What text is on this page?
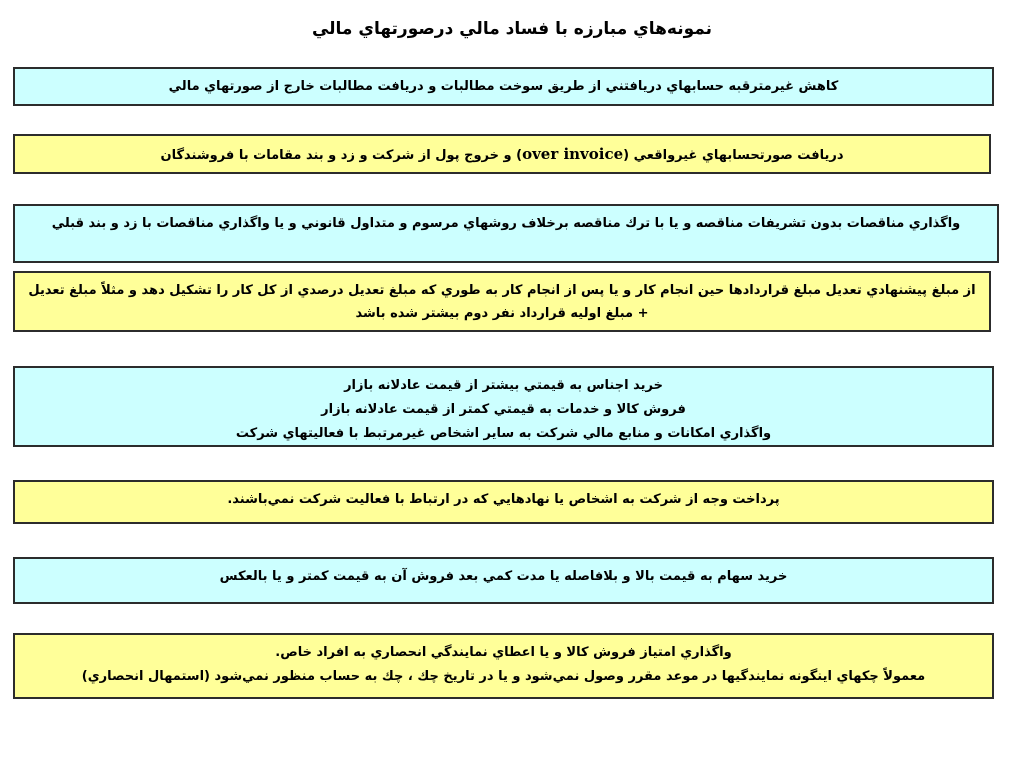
نمونه‌هاي مبارزه با فساد مالي درصورتهاي مالي
كاهش غيرمترقبه حسابهاي دريافتني از طريق سوخت مطالبات و دريافت مطالبات خارج از صورتهاي مالي
دريافت صورتحسابهاي غيرواقعي (over invoice) و خروج پول از شركت و زد و بند مقامات با فروشندگان
واگذاري مناقصات بدون تشريفات مناقصه و يا با ترك مناقصه برخلاف روشهاي مرسوم و متداول قانوني و يا واگذاري مناقصات با زد و بند قبلي
از مبلغ پيشنهادي تعديل مبلغ قراردادها حين انجام كار و يا پس از انجام كار به طوري كه مبلغ تعديل درصدي از كل كار را تشكيل دهد و مثلاً مبلغ تعديل + مبلغ اوليه قرارداد نفر دوم بيشتر شده باشد
خريد اجناس به قيمتي بيشتر از قيمت عادلانه بازار
فروش كالا و خدمات به قيمتي كمتر از قيمت عادلانه بازار
واگذاري امكانات و منابع مالي شركت به ساير اشخاص غيرمرتبط با فعاليتهاي شركت
پرداخت وجه از شركت به اشخاص يا نهادهايي كه در ارتباط با فعاليت شركت نمي‌باشند.
خريد سهام به قيمت بالا و بلافاصله يا مدت كمي بعد فروش آن به قيمت كمتر و يا بالعكس
واگذاري امتياز فروش كالا و يا اعطاي نمايندگي انحصاري به افراد خاص.
معمولاً چكهاي اينگونه نمايندگيها در موعد مقرر وصول نمي‌شود و يا در تاريخ چك ، چك به حساب منظور نمي‌شود (استمهال انحصاري)
